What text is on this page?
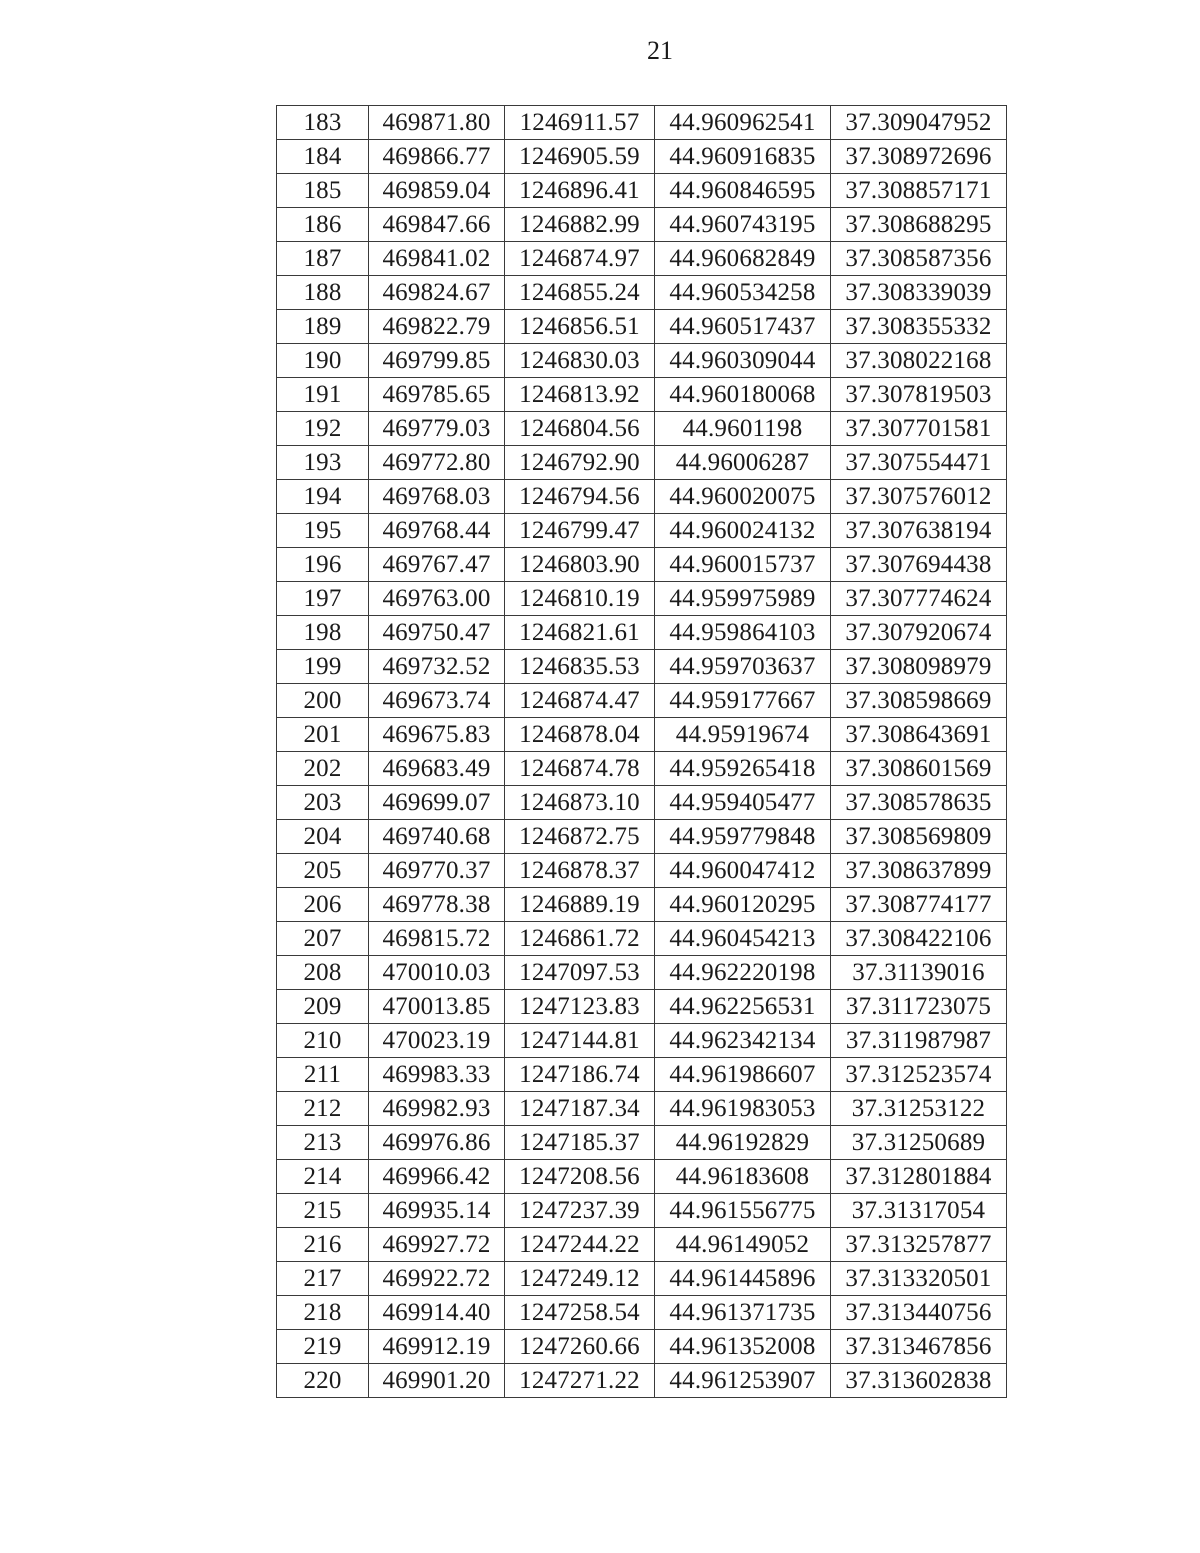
21
183	469871.80	1246911.57	44.960962541	37.309047952
184	469866.77	1246905.59	44.960916835	37.308972696
185	469859.04	1246896.41	44.960846595	37.308857171
186	469847.66	1246882.99	44.960743195	37.308688295
187	469841.02	1246874.97	44.960682849	37.308587356
188	469824.67	1246855.24	44.960534258	37.308339039
189	469822.79	1246856.51	44.960517437	37.308355332
190	469799.85	1246830.03	44.960309044	37.308022168
191	469785.65	1246813.92	44.960180068	37.307819503
192	469779.03	1246804.56	44.9601198	37.307701581
193	469772.80	1246792.90	44.96006287	37.307554471
194	469768.03	1246794.56	44.960020075	37.307576012
195	469768.44	1246799.47	44.960024132	37.307638194
196	469767.47	1246803.90	44.960015737	37.307694438
197	469763.00	1246810.19	44.959975989	37.307774624
198	469750.47	1246821.61	44.959864103	37.307920674
199	469732.52	1246835.53	44.959703637	37.308098979
200	469673.74	1246874.47	44.959177667	37.308598669
201	469675.83	1246878.04	44.95919674	37.308643691
202	469683.49	1246874.78	44.959265418	37.308601569
203	469699.07	1246873.10	44.959405477	37.308578635
204	469740.68	1246872.75	44.959779848	37.308569809
205	469770.37	1246878.37	44.960047412	37.308637899
206	469778.38	1246889.19	44.960120295	37.308774177
207	469815.72	1246861.72	44.960454213	37.308422106
208	470010.03	1247097.53	44.962220198	37.31139016
209	470013.85	1247123.83	44.962256531	37.311723075
210	470023.19	1247144.81	44.962342134	37.311987987
211	469983.33	1247186.74	44.961986607	37.312523574
212	469982.93	1247187.34	44.961983053	37.31253122
213	469976.86	1247185.37	44.96192829	37.31250689
214	469966.42	1247208.56	44.96183608	37.312801884
215	469935.14	1247237.39	44.961556775	37.31317054
216	469927.72	1247244.22	44.96149052	37.313257877
217	469922.72	1247249.12	44.961445896	37.313320501
218	469914.40	1247258.54	44.961371735	37.313440756
219	469912.19	1247260.66	44.961352008	37.313467856
220	469901.20	1247271.22	44.961253907	37.313602838
